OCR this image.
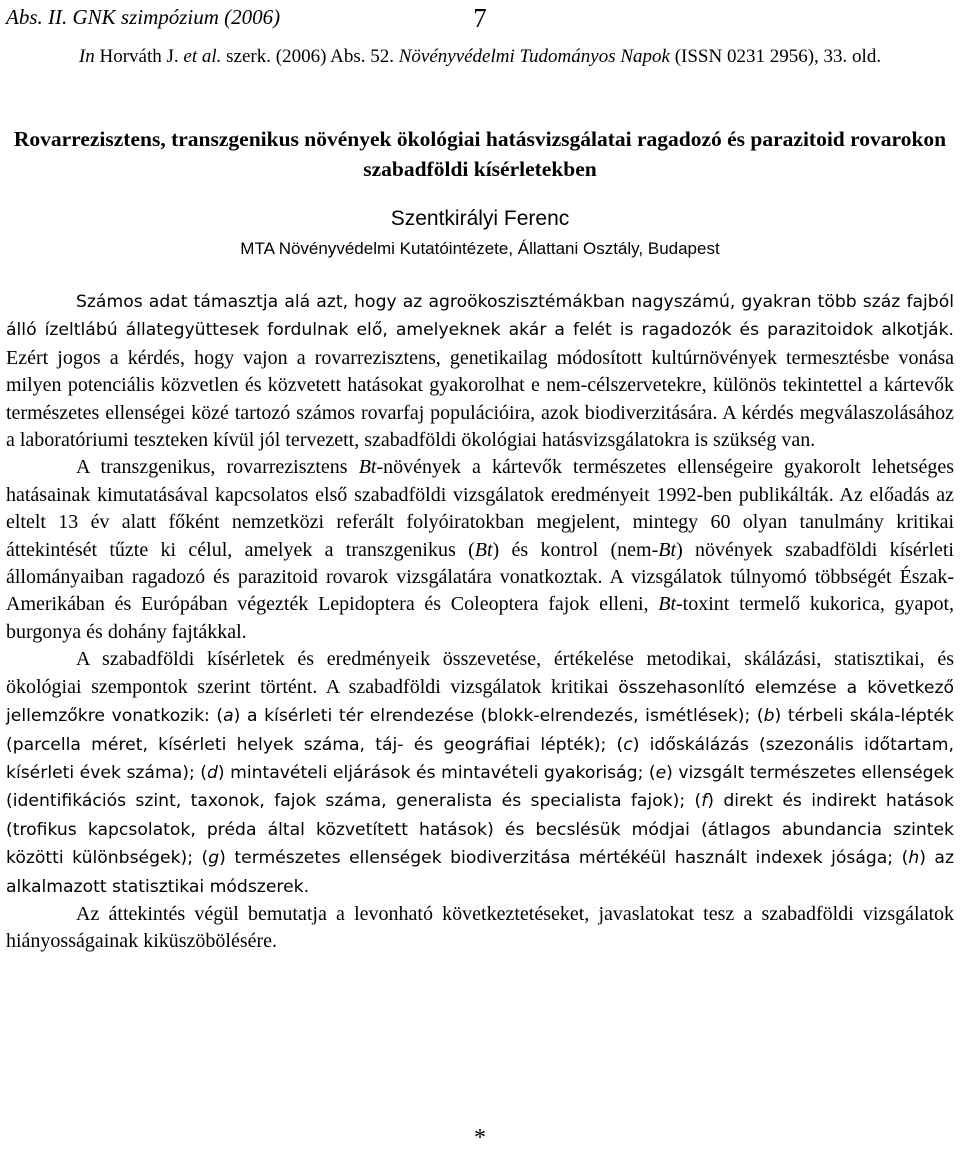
Abs. II. GNK szimpózium (2006)	7
In Horváth J. et al. szerk. (2006) Abs. 52. Növényvédelmi Tudományos Napok (ISSN 0231 2956), 33. old.
Rovarrezisztens, transzgenikus növények ökológiai hatásvizsgálatai ragadozó és parazitoid rovarokon szabadföldi kísérletekben
Szentkirályi Ferenc
MTA Növényvédelmi Kutatóintézete, Állattani Osztály, Budapest

Számos adat támasztja alá azt, hogy az agroökoszisztémákban nagyszámú, gyakran több száz fajból álló ízeltlábú állategyüttesek fordulnak elő, amelyeknek akár a felét is ragadozók és parazitoidok alkotják. Ezért jogos a kérdés, hogy vajon a rovarrezisztens, genetikailag módosított kultúrnövények termesztésbe vonása milyen potenciális közvetlen és közvetett hatásokat gyakorolhat e nem-célszervetekre, különös tekintettel a kártevők természetes ellenségei közé tartozó számos rovarfaj populációira, azok biodiverzitására. A kérdés megválaszolásához a laboratóriumi teszteken kívül jól tervezett, szabadföldi ökológiai hatásvizsgálatokra is szükség van.

A transzgenikus, rovarrezisztens Bt-növények a kártevők természetes ellenségeire gyakorolt lehetséges hatásainak kimutatásával kapcsolatos első szabadföldi vizsgálatok eredményeit 1992-ben publikálták. Az előadás az eltelt 13 év alatt főként nemzetközi referált folyóiratokban megjelent, mintegy 60 olyan tanulmány kritikai áttekintését tűzte ki célul, amelyek a transzgenikus (Bt) és kontrol (nem-Bt) növények szabadföldi kísérleti állományaiban ragadozó és parazitoid rovarok vizsgálatára vonatkoztak. A vizsgálatok túlnyomó többségét Észak-Amerikában és Európában végezték Lepidoptera és Coleoptera fajok elleni, Bt-toxint termelő kukorica, gyapot, burgonya és dohány fajtákkal.

A szabadföldi kísérletek és eredményeik összevetése, értékelése metodikai, skálázási, statisztikai, és ökológiai szempontok szerint történt. A szabadföldi vizsgálatok kritikai összehasonlító elemzése a következő jellemzőkre vonatkozik: (a) a kísérleti tér elrendezése (blokk-elrendezés, ismétlések); (b) térbeli skála-lépték (parcella méret, kísérleti helyek száma, táj- és geográfiai lépték); (c) időskálázás (szezonális időtartam, kísérleti évek száma); (d) mintavételi eljárások és mintavételi gyakoriság; (e) vizsgált természetes ellenségek (identifikációs szint, taxonok, fajok száma, generalista és specialista fajok); (f) direkt és indirekt hatások (trofikus kapcsolatok, préda által közvetített hatások) és becslésük módjai (átlagos abundancia szintek közötti különbségek); (g) természetes ellenségek biodiverzitása mértékéül használt indexek jósága; (h) az alkalmazott statisztikai módszerek.

Az áttekintés végül bemutatja a levonható következtetéseket, javaslatokat tesz a szabadföldi vizsgálatok hiányosságainak kiküszöbölésére.

*
